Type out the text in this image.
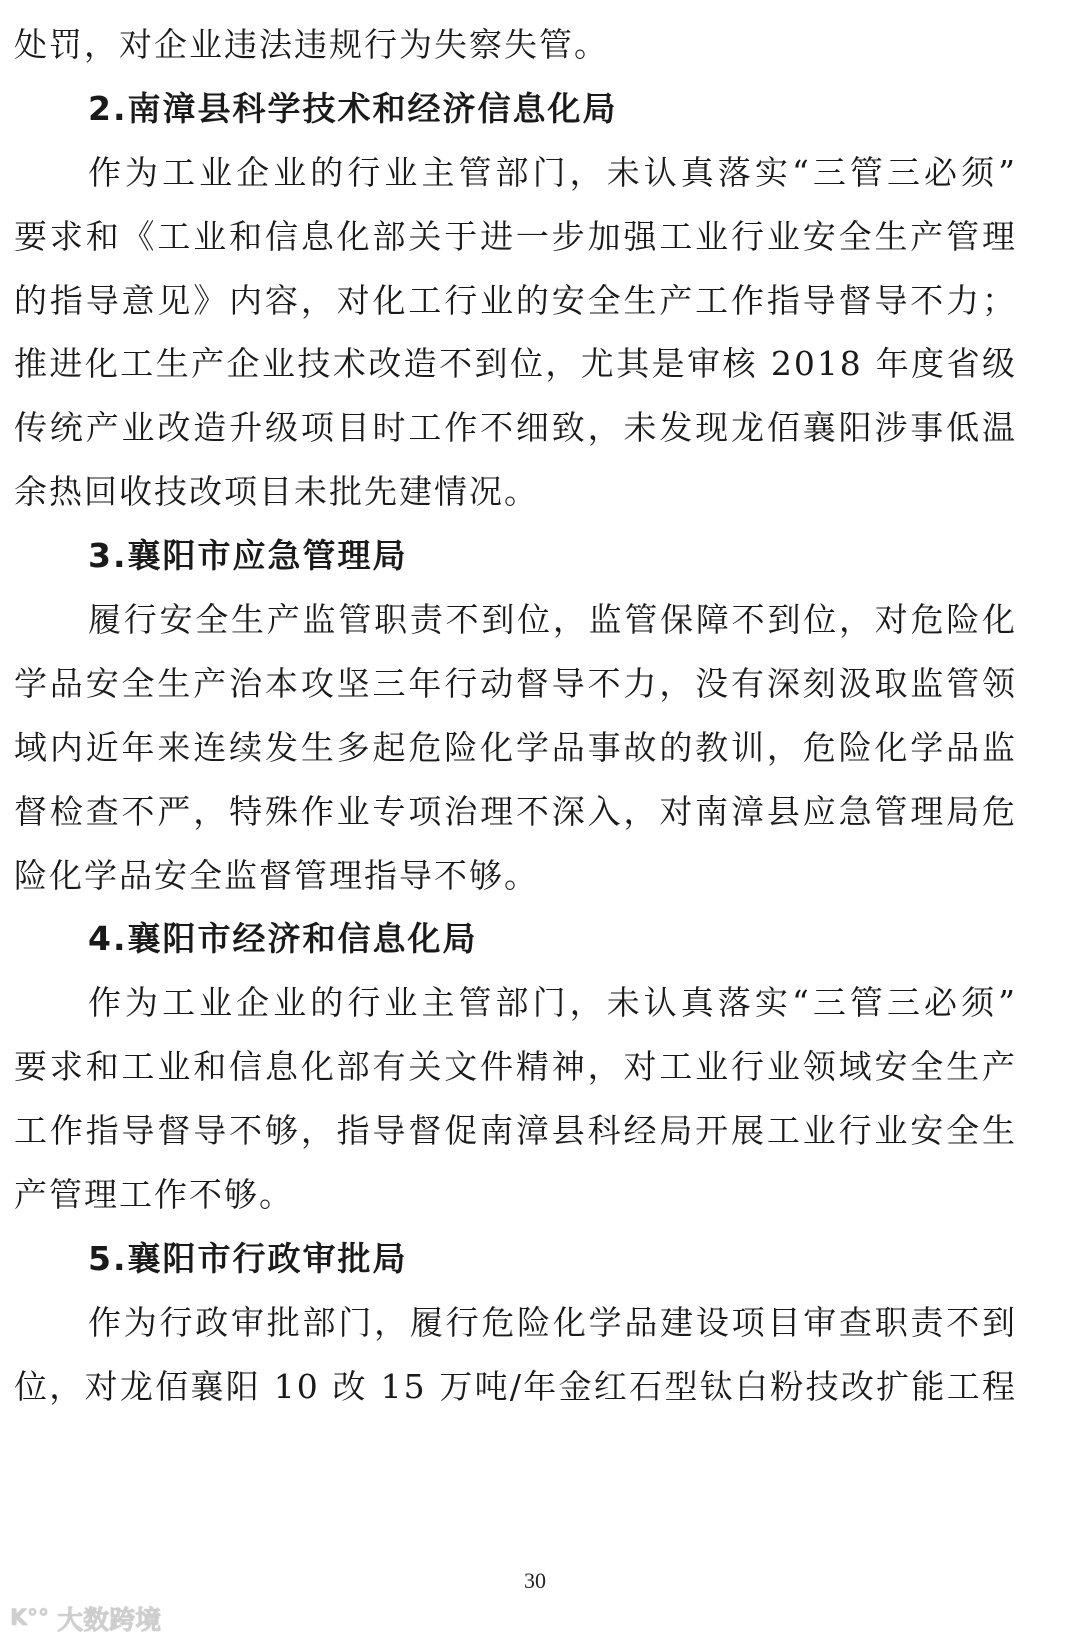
处罚，对企业违法违规行为失察失管。
2.南漳县科学技术和经济信息化局
作为工业企业的行业主管部门，未认真落实“三管三必须”
要求和《工业和信息化部关于进一步加强工业行业安全生产管理
的指导意见》内容，对化工行业的安全生产工作指导督导不力；
推进化工生产企业技术改造不到位，尤其是审核 2018 年度省级
传统产业改造升级项目时工作不细致，未发现龙佰襄阳涉事低温
余热回收技改项目未批先建情况。
3.襄阳市应急管理局
履行安全生产监管职责不到位，监管保障不到位，对危险化
学品安全生产治本攻坚三年行动督导不力，没有深刻汲取监管领
域内近年来连续发生多起危险化学品事故的教训，危险化学品监
督检查不严，特殊作业专项治理不深入，对南漳县应急管理局危
险化学品安全监督管理指导不够。
4.襄阳市经济和信息化局
作为工业企业的行业主管部门，未认真落实“三管三必须”
要求和工业和信息化部有关文件精神，对工业行业领域安全生产
工作指导督导不够，指导督促南漳县科经局开展工业行业安全生
产管理工作不够。
5.襄阳市行政审批局
作为行政审批部门，履行危险化学品建设项目审查职责不到
位，对龙佰襄阳 10 改 15 万吨/年金红石型钛白粉技改扩能工程
K°° 大数跨境
30
